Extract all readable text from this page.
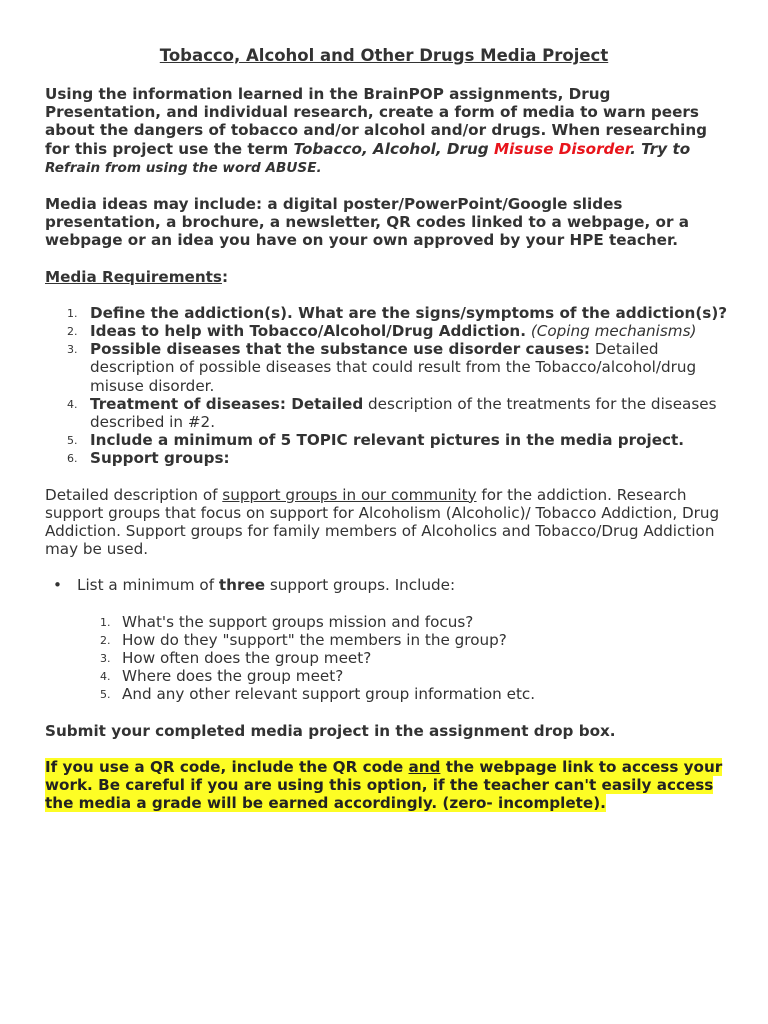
Tobacco, Alcohol and Other Drugs Media Project

Using the information learned in the BrainPOP assignments, Drug Presentation, and individual research, create a form of media to warn peers about the dangers of tobacco and/or alcohol and/or drugs. When researching for this project use the term Tobacco, Alcohol, Drug Misuse Disorder. Try to
Refrain from using the word ABUSE.

Media ideas may include: a digital poster/PowerPoint/Google slides presentation, a brochure, a newsletter, QR codes linked to a webpage, or a webpage or an idea you have on your own approved by your HPE teacher.

Media Requirements:

1. Define the addiction(s). What are the signs/symptoms of the addiction(s)?
2. Ideas to help with Tobacco/Alcohol/Drug Addiction. (Coping mechanisms)
3. Possible diseases that the substance use disorder causes: Detailed description of possible diseases that could result from the Tobacco/alcohol/drug misuse disorder.
4. Treatment of diseases: Detailed description of the treatments for the diseases described in #2.
5. Include a minimum of 5 TOPIC relevant pictures in the media project.
6. Support groups:

Detailed description of support groups in our community for the addiction. Research support groups that focus on support for Alcoholism (Alcoholic)/ Tobacco Addiction, Drug Addiction. Support groups for family members of Alcoholics and Tobacco/Drug Addiction may be used.

• List a minimum of three support groups. Include:
1. What's the support groups mission and focus?
2. How do they "support" the members in the group?
3. How often does the group meet?
4. Where does the group meet?
5. And any other relevant support group information etc.

Submit your completed media project in the assignment drop box.

If you use a QR code, include the QR code and the webpage link to access your work. Be careful if you are using this option, if the teacher can't easily access the media a grade will be earned accordingly. (zero- incomplete).
